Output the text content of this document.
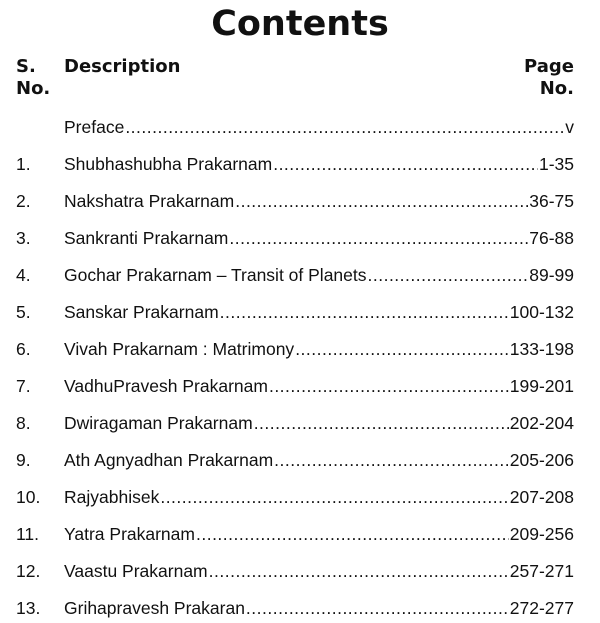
Contents
S.
No.
Description	Page
No.
Preface .....	v
1. Shubhashubha Prakarnam .....	1-35
2. Nakshatra Prakarnam .....	36-75
3. Sankranti Prakarnam .....	76-88
4. Gochar Prakarnam – Transit of Planets .....	89-99
5. Sanskar Prakarnam .....	100-132
6. Vivah Prakarnam : Matrimony .....	133-198
7. VadhuPravesh Prakarnam .....	199-201
8. Dwiragaman Prakarnam .....	202-204
9. Ath Agnyadhan Prakarnam .....	205-206
10. Rajyabhisek .....	207-208
11. Yatra Prakarnam .....	209-256
12. Vaastu Prakarnam .....	257-271
13. Grihapravesh Prakaran .....	272-277
